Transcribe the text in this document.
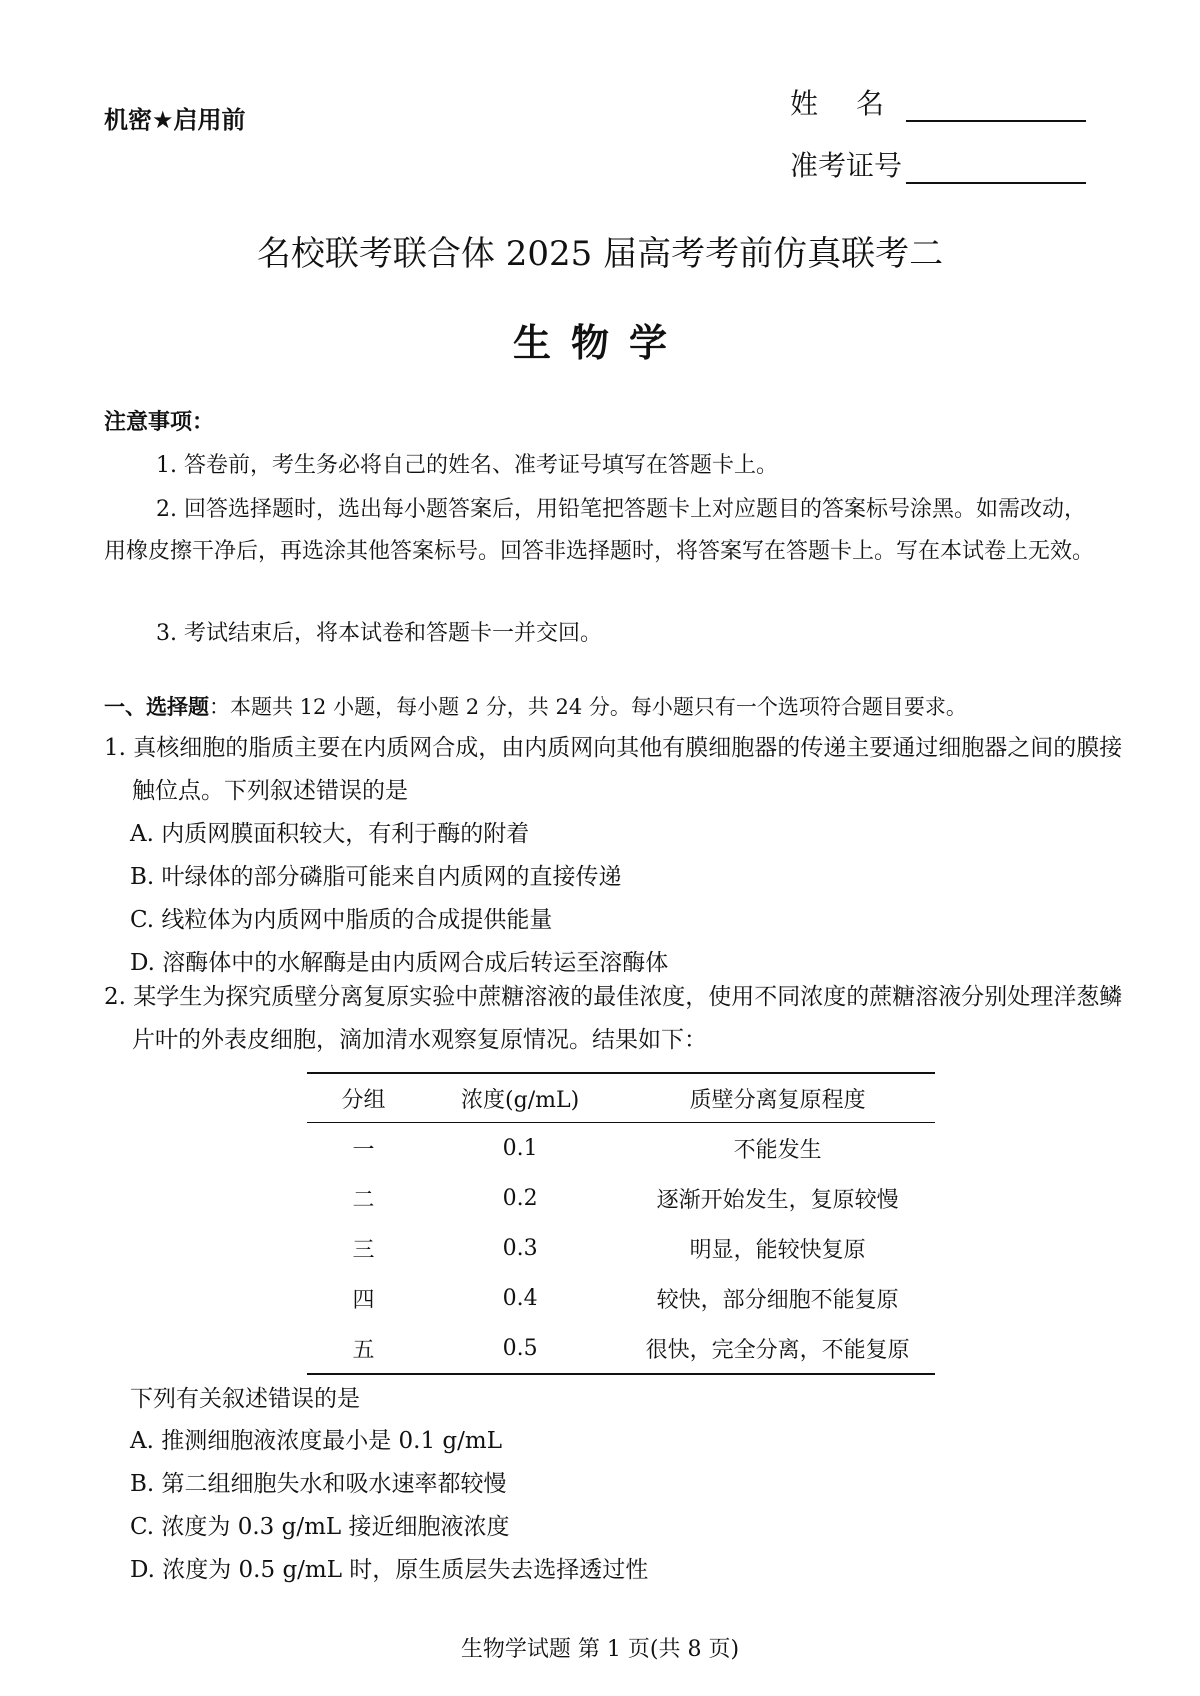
机密★启用前	姓名
准考证号
名校联考联合体 2025 届高考考前仿真联考二
生物学
注意事项：
1. 答卷前，考生务必将自己的姓名、准考证号填写在答题卡上。
2. 回答选择题时，选出每小题答案后，用铅笔把答题卡上对应题目的答案标号涂黑。如需改动，用橡皮擦干净后，再选涂其他答案标号。回答非选择题时，将答案写在答题卡上。写在本试卷上无效。
3. 考试结束后，将本试卷和答题卡一并交回。
一、选择题：本题共 12 小题，每小题 2 分，共 24 分。每小题只有一个选项符合题目要求。
1. 真核细胞的脂质主要在内质网合成，由内质网向其他有膜细胞器的传递主要通过细胞器之间的膜接触位点。下列叙述错误的是
A. 内质网膜面积较大，有利于酶的附着
B. 叶绿体的部分磷脂可能来自内质网的直接传递
C. 线粒体为内质网中脂质的合成提供能量
D. 溶酶体中的水解酶是由内质网合成后转运至溶酶体
2. 某学生为探究质壁分离复原实验中蔗糖溶液的最佳浓度，使用不同浓度的蔗糖溶液分别处理洋葱鳞片叶的外表皮细胞，滴加清水观察复原情况。结果如下：
分组	浓度(g/mL)	质壁分离复原程度
一	0.1	不能发生
二	0.2	逐渐开始发生，复原较慢
三	0.3	明显，能较快复原
四	0.4	较快，部分细胞不能复原
五	0.5	很快，完全分离，不能复原
下列有关叙述错误的是
A. 推测细胞液浓度最小是 0.1 g/mL
B. 第二组细胞失水和吸水速率都较慢
C. 浓度为 0.3 g/mL 接近细胞液浓度
D. 浓度为 0.5 g/mL 时，原生质层失去选择透过性
生物学试题 第 1 页(共 8 页)
